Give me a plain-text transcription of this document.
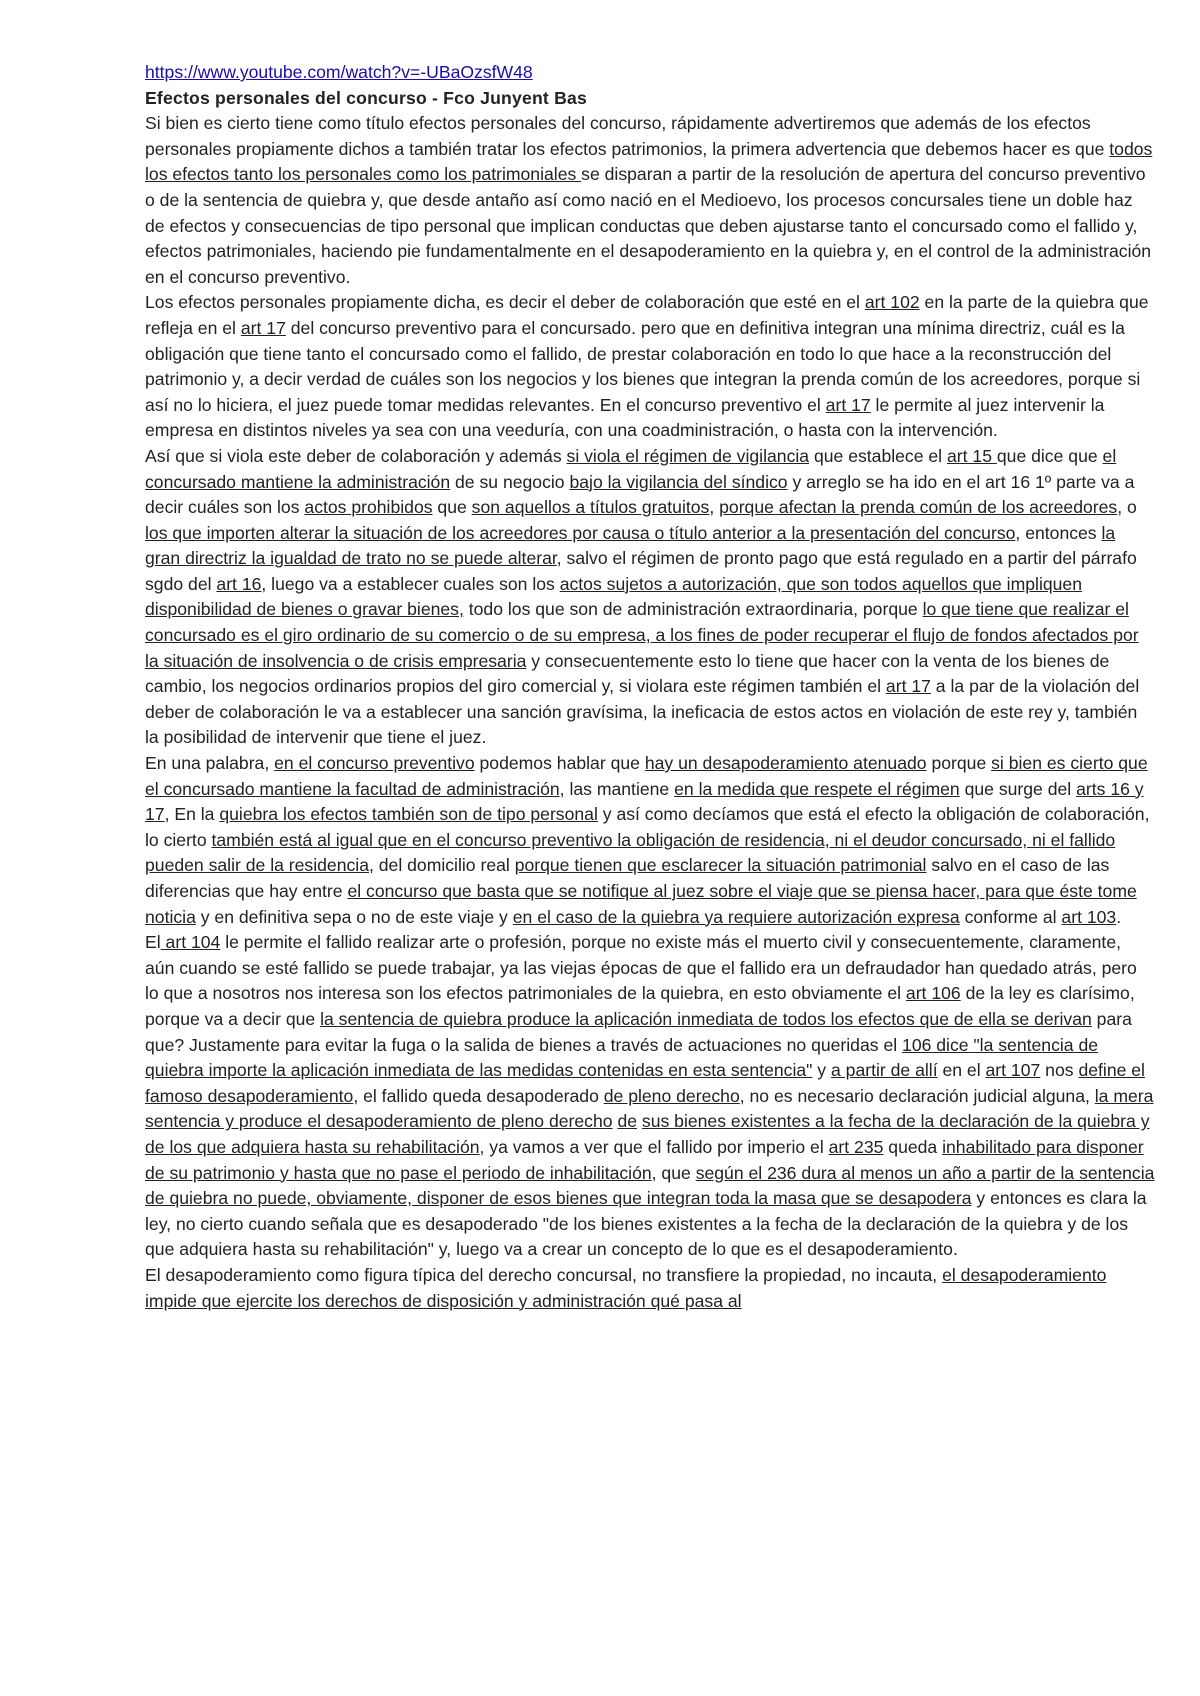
https://www.youtube.com/watch?v=-UBaOzsfW48

Efectos personales del concurso - Fco Junyent Bas

Si bien es cierto tiene como título efectos personales del concurso, rápidamente advertiremos que además de los efectos personales propiamente dichos a también tratar los efectos patrimonios, la primera advertencia que debemos hacer es que todos los efectos tanto los personales como los patrimoniales se disparan a partir de la resolución de apertura del concurso preventivo o de la sentencia de quiebra y, que desde antaño así como nació en el Medioevo, los procesos concursales tiene un doble haz de efectos y consecuencias de tipo personal que implican conductas que deben ajustarse tanto el concursado como el fallido y, efectos patrimoniales, haciendo pie fundamentalmente en el desapoderamiento en la quiebra y, en el control de la administración en el concurso preventivo.

Los efectos personales propiamente dicha, es decir el deber de colaboración que esté en el art 102 en la parte de la quiebra que refleja en el art 17 del concurso preventivo para el concursado. pero que en definitiva integran una mínima directriz, cuál es la obligación que tiene tanto el concursado como el fallido, de prestar colaboración en todo lo que hace a la reconstrucción del patrimonio y, a decir verdad de cuáles son los negocios y los bienes que integran la prenda común de los acreedores, porque si así no lo hiciera, el juez puede tomar medidas relevantes. En el concurso preventivo el art 17 le permite al juez intervenir la empresa en distintos niveles ya sea con una veeduría, con una coadministración, o hasta con la intervención.

Así que si viola este deber de colaboración y además si viola el régimen de vigilancia que establece el art 15 que dice que el concursado mantiene la administración de su negocio bajo la vigilancia del síndico y arreglo se ha ido en el art 16 1º parte va a decir cuáles son los actos prohibidos que son aquellos a títulos gratuitos, porque afectan la prenda común de los acreedores, o los que importen alterar la situación de los acreedores por causa o título anterior a la presentación del concurso, entonces la gran directriz la igualdad de trato no se puede alterar, salvo el régimen de pronto pago que está regulado en a partir del párrafo sgdo del art 16, luego va a establecer cuales son los actos sujetos a autorización, que son todos aquellos que impliquen disponibilidad de bienes o gravar bienes, todo los que son de administración extraordinaria, porque lo que tiene que realizar el concursado es el giro ordinario de su comercio o de su empresa, a los fines de poder recuperar el flujo de fondos afectados por la situación de insolvencia o de crisis empresaria y consecuentemente esto lo tiene que hacer con la venta de los bienes de cambio, los negocios ordinarios propios del giro comercial y, si violara este régimen también el art 17 a la par de la violación del deber de colaboración le va a establecer una sanción gravísima, la ineficacia de estos actos en violación de este rey y, también la posibilidad de intervenir que tiene el juez.

En una palabra, en el concurso preventivo podemos hablar que hay un desapoderamiento atenuado porque si bien es cierto que el concursado mantiene la facultad de administración, las mantiene en la medida que respete el régimen que surge del arts 16 y 17, En la quiebra los efectos también son de tipo personal y así como decíamos que está el efecto la obligación de colaboración, lo cierto también está al igual que en el concurso preventivo la obligación de residencia, ni el deudor concursado, ni el fallido pueden salir de la residencia, del domicilio real porque tienen que esclarecer la situación patrimonial salvo en el caso de las diferencias que hay entre el concurso que basta que se notifique al juez sobre el viaje que se piensa hacer, para que éste tome noticia y en definitiva sepa o no de este viaje y en el caso de la quiebra ya requiere autorización expresa conforme al art 103.

El art 104 le permite el fallido realizar arte o profesión, porque no existe más el muerto civil y consecuentemente, claramente, aún cuando se esté fallido se puede trabajar, ya las viejas épocas de que el fallido era un defraudador han quedado atrás, pero lo que a nosotros nos interesa son los efectos patrimoniales de la quiebra, en esto obviamente el art 106 de la ley es clarísimo, porque va a decir que la sentencia de quiebra produce la aplicación inmediata de todos los efectos que de ella se derivan para que? Justamente para evitar la fuga o la salida de bienes a través de actuaciones no queridas el 106 dice "la sentencia de quiebra importe la aplicación inmediata de las medidas contenidas en esta sentencia" y a partir de allí en el art 107 nos define el famoso desapoderamiento, el fallido queda desapoderado de pleno derecho, no es necesario declaración judicial alguna, la mera sentencia y produce el desapoderamiento de pleno derecho de sus bienes existentes a la fecha de la declaración de la quiebra y de los que adquiera hasta su rehabilitación, ya vamos a ver que el fallido por imperio el art 235 queda inhabilitado para disponer de su patrimonio y hasta que no pase el periodo de inhabilitación, que según el 236 dura al menos un año a partir de la sentencia de quiebra no puede, obviamente, disponer de esos bienes que integran toda la masa que se desapodera y entonces es clara la ley, no cierto cuando señala que es desapoderado "de los bienes existentes a la fecha de la declaración de la quiebra y de los que adquiera hasta su rehabilitación" y, luego va a crear un concepto de lo que es el desapoderamiento.

El desapoderamiento como figura típica del derecho concursal, no transfiere la propiedad, no incauta, el desapoderamiento impide que ejercite los derechos de disposición y administración qué pasa al
